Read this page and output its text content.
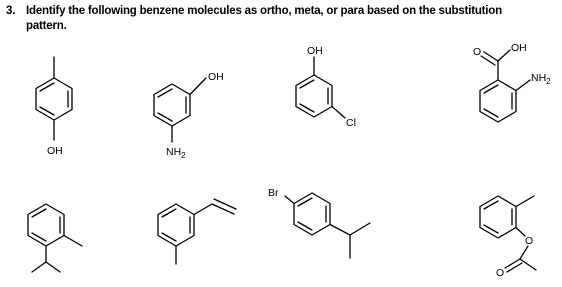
3. Identify the following benzene molecules as ortho, meta, or para based on the substitution
pattern.
OH
OH
$NH_2$
OH
Cl
O	OH
$NH_2$
Br
O
O
